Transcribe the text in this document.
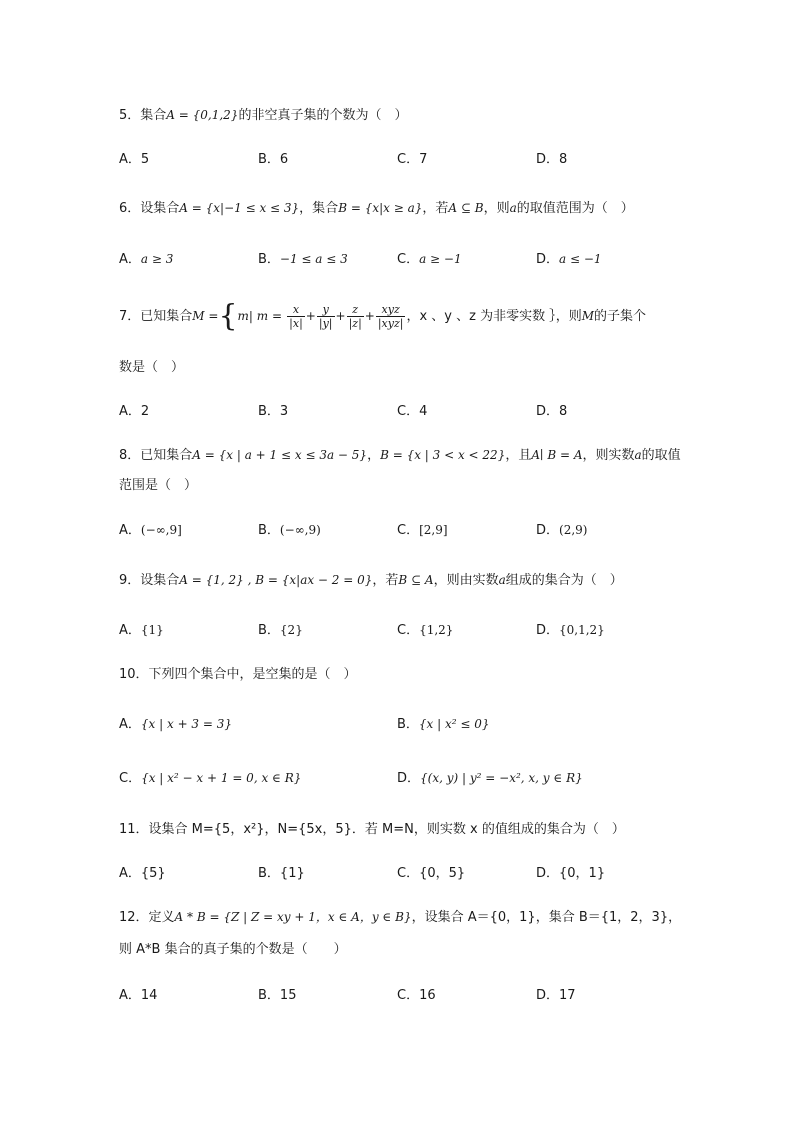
5．集合A = {0,1,2}的非空真子集的个数为（　）
A．5	B．6	C．7	D．8
6．设集合A = {x|−1 ≤ x ≤ 3}，集合B = {x|x ≥ a}，若A ⊆ B，则a的取值范围为（　）
A．a ≥ 3	B．−1 ≤ a ≤ 3	C．a ≥ −1	D．a ≤ −1
7．已知集合M ={m| $m = \frac{x}{|x|} + \frac{y}{|y|} + \frac{z}{|z|} + \frac{\text{xyz}}{\text{|xyz|}}$ ，x 、y 、z 为非零实数 ｝，则M的子集个
数是（　）
A．2	B．3	C．4	D．8
8．已知集合A = {x | a + 1 ≤ x ≤ 3a − 5}，B = {x | 3 < x < 22}，且A∣ B = A，则实数a的取值
范围是（　）
A．(−∞,9]	B．(−∞,9)	C．[2,9]	D．(2,9)
9．设集合A = {1, 2} , B = {x|ax − 2 = 0}，若B ⊆ A，则由实数a组成的集合为（　）
A．{1}	B．{2}	C．{1,2}	D．{0,1,2}
10．下列四个集合中，是空集的是（　）
A．{x | x + 3 = 3}	B．{x | x² ≤ 0}
C．{x | x² − x + 1 = 0, x ∈ R}	D．{(x, y) | y² = −x², x, y ∈ R}
11．设集合 M={5，x²}，N={5x，5}．若 M=N，则实数 x 的值组成的集合为（　）
A．{5}	B．{1}	C．{0，5}	D．{0，1}
12．定义A * B = {Z | Z = xy + 1，x ∈ A，y ∈ B}，设集合 A＝{0，1}，集合 B＝{1，2，3}，
则 A*B 集合的真子集的个数是（　　）
A．14	B．15	C．16	D．17
